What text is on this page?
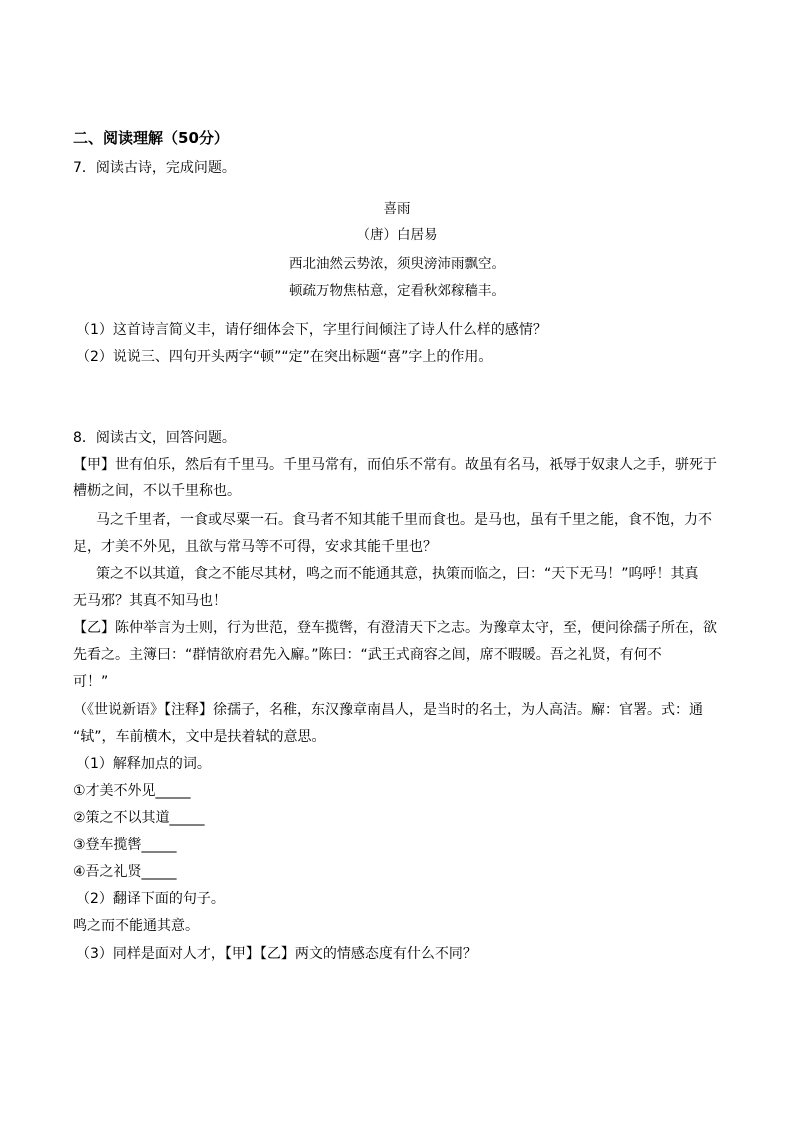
二、阅读理解（50分）
7．阅读古诗，完成问题。
喜雨
（唐）白居易
西北油然云势浓，须臾滂沛雨飘空。
顿疏万物焦枯意，定看秋郊稼穑丰。
（1）这首诗言简义丰，请仔细体会下，字里行间倾注了诗人什么样的感情？
（2）说说三、四句开头两字“顿”“定”在突出标题“喜”字上的作用。
8．阅读古文，回答问题。
【甲】世有伯乐，然后有千里马。千里马常有，而伯乐不常有。故虽有名马，祇辱于奴隶人之手，骈死于
槽枥之间，不以千里称也。
马之千里者，一食或尽粟一石。食马者不知其能千里而食也。是马也，虽有千里之能，食不饱，力不
足，才美不外见，且欲与常马等不可得，安求其能千里也？
策之不以其道，食之不能尽其材，鸣之而不能通其意，执策而临之，曰：“天下无马！”呜呼！其真
无马邪？其真不知马也！
【乙】陈仲举言为士则，行为世范，登车揽辔，有澄清天下之志。为豫章太守，至，便问徐孺子所在，欲
先看之。主簿曰：“群情欲府君先入廨。”陈曰：“武王式商容之闾，席不暇暖。吾之礼贤，有何不
可！”
（《世说新语》【注释】徐孺子，名稚，东汉豫章南昌人，是当时的名士，为人高洁。廨：官署。式：通
“轼”，车前横木，文中是扶着轼的意思。
（1）解释加点的词。
①才美不外见_____
②策之不以其道_____
③登车揽辔_____
④吾之礼贤_____
（2）翻译下面的句子。
鸣之而不能通其意。
（3）同样是面对人才，【甲】【乙】两文的情感态度有什么不同？
